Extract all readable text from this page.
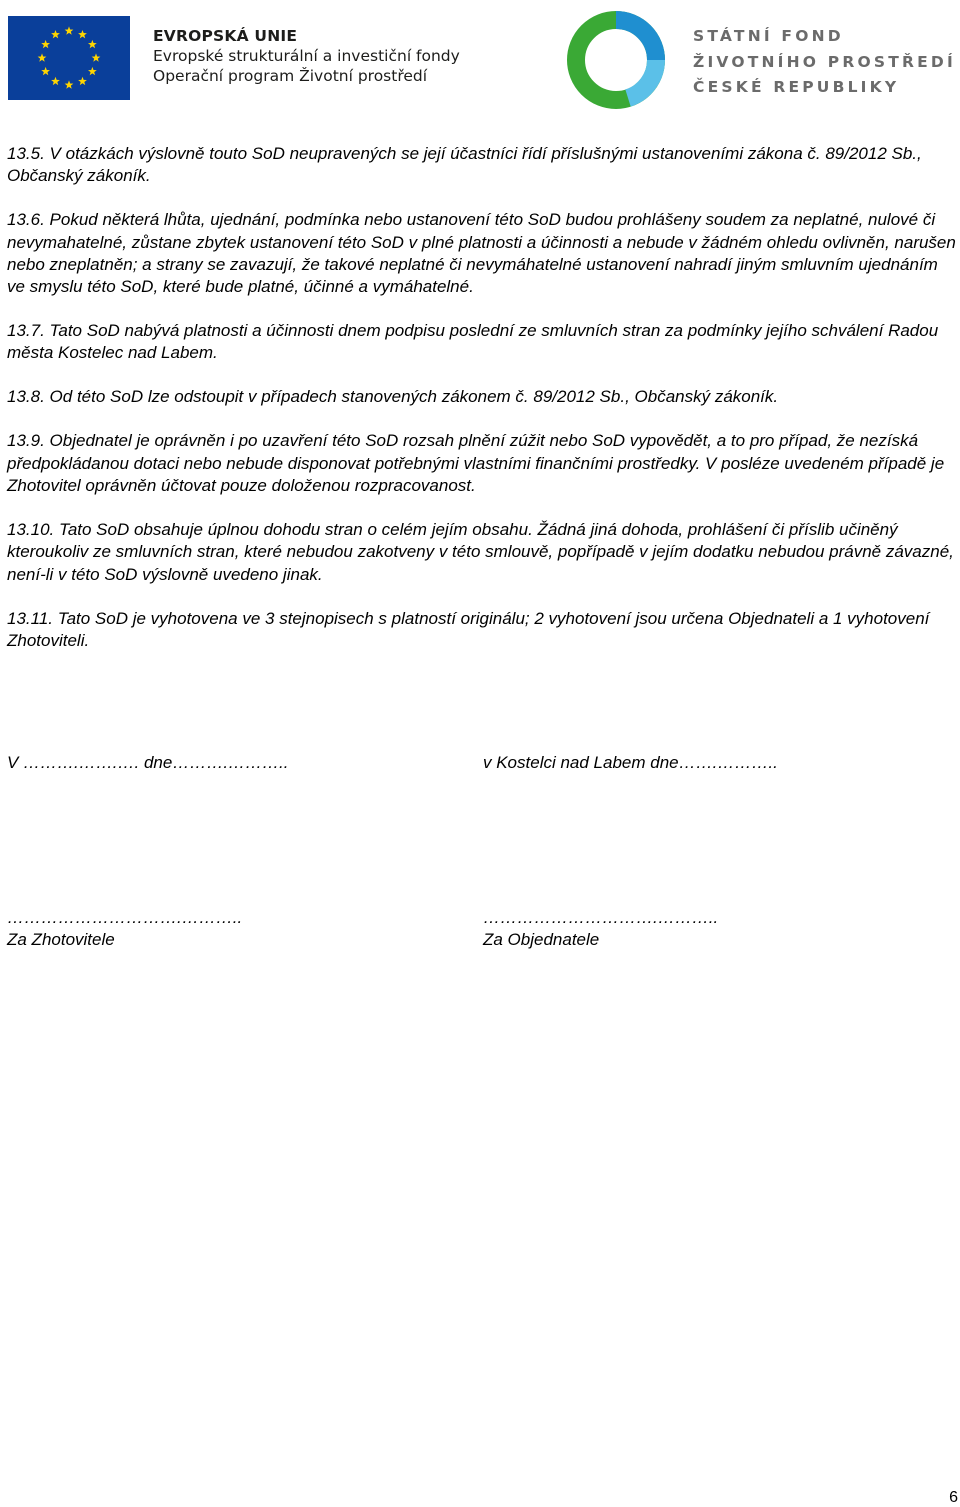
EVROPSKÁ UNIE
Evropské strukturální a investiční fondy
Operační program Životní prostředí
STÁTNÍ FOND
ŽIVOTNÍHO PROSTŘEDÍ
ČESKÉ REPUBLIKY

13.5. V otázkách výslovně touto SoD neupravených se její účastníci řídí příslušnými ustanoveními zákona č. 89/2012 Sb., Občanský zákoník.

13.6. Pokud některá lhůta, ujednání, podmínka nebo ustanovení této SoD budou prohlášeny soudem za neplatné, nulové či nevymahatelné, zůstane zbytek ustanovení této SoD v plné platnosti a účinnosti a nebude v žádném ohledu ovlivněn, narušen nebo zneplatněn; a strany se zavazují, že takové neplatné či nevymáhatelné ustanovení nahradí jiným smluvním ujednáním ve smyslu této SoD, které bude platné, účinné a vymáhatelné.

13.7. Tato SoD nabývá platnosti a účinnosti dnem podpisu poslední ze smluvních stran za podmínky jejího schválení Radou města Kostelec nad Labem.

13.8. Od této SoD lze odstoupit v případech stanovených zákonem č. 89/2012 Sb., Občanský zákoník.

13.9. Objednatel je oprávněn i po uzavření této SoD rozsah plnění zúžit nebo SoD vypovědět, a to pro případ, že nezíská předpokládanou dotaci nebo nebude disponovat potřebnými vlastními finančními prostředky. V posléze uvedeném případě je Zhotovitel oprávněn účtovat pouze doloženou rozpracovanost.

13.10. Tato SoD obsahuje úplnou dohodu stran o celém jejím obsahu. Žádná jiná dohoda, prohlášení či příslib učiněný kteroukoliv ze smluvních stran, které nebudou zakotveny v této smlouvě, popřípadě v jejím dodatku nebudou právně závazné, není-li v této SoD výslovně uvedeno jinak.

13.11. Tato SoD je vyhotovena ve 3 stejnopisech s platností originálu; 2 vyhotovení jsou určena Objednateli a 1 vyhotovení Zhotoviteli.

V ……….…….…. dne……….………..	v Kostelci nad Labem dne…….………..
………………………….………..	………………………….………..
Za Zhotovitele	Za Objednatele
6
